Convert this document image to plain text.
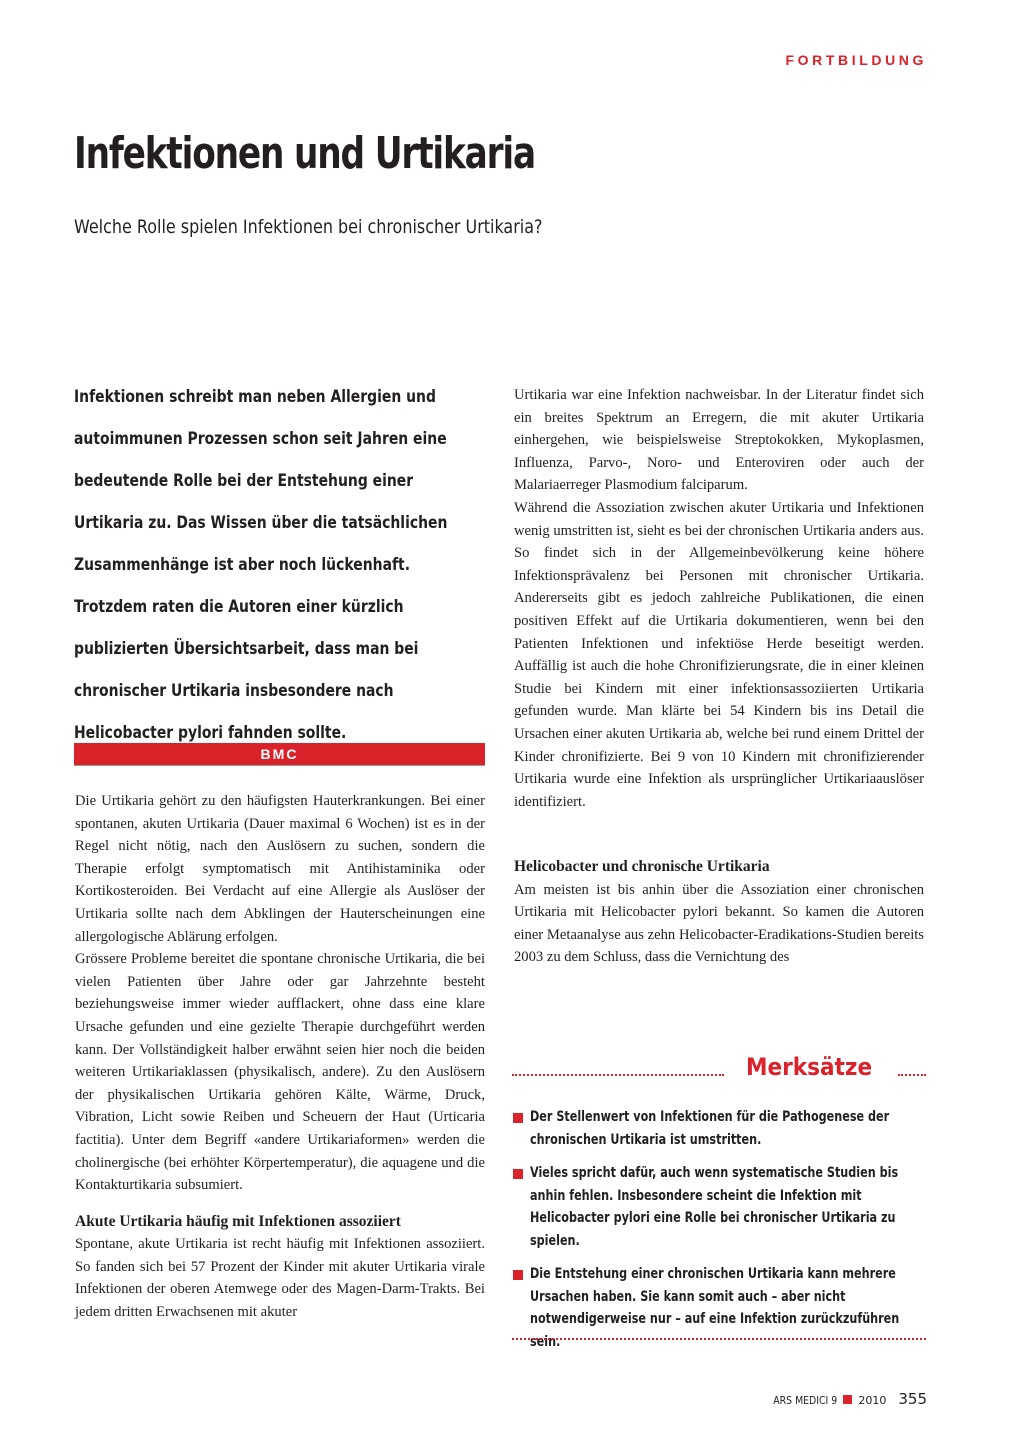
FORTBILDUNG
Infektionen und Urtikaria
Welche Rolle spielen Infektionen bei chronischer Urtikaria?

Infektionen schreibt man neben Allergien und autoimmunen Prozessen schon seit Jahren eine bedeutende Rolle bei der Entstehung einer Urtikaria zu. Das Wissen über die tatsächlichen Zusammenhänge ist aber noch lückenhaft. Trotzdem raten die Autoren einer kürzlich publizierten Übersichtsarbeit, dass man bei chronischer Urtikaria insbesondere nach Helicobacter pylori fahnden sollte.

BMC

Die Urtikaria gehört zu den häufigsten Hauterkrankungen. Bei einer spontanen, akuten Urtikaria (Dauer maximal 6 Wochen) ist es in der Regel nicht nötig, nach den Auslösern zu suchen, sondern die Therapie erfolgt symptomatisch mit Antihistaminika oder Kortikosteroiden. Bei Verdacht auf eine Allergie als Auslöser der Urtikaria sollte nach dem Abklingen der Hauterscheinungen eine allergologische Ablärung erfolgen.

Grössere Probleme bereitet die spontane chronische Urtikaria, die bei vielen Patienten über Jahre oder gar Jahrzehnte besteht beziehungsweise immer wieder aufflackert, ohne dass eine klare Ursache gefunden und eine gezielte Therapie durchgeführt werden kann. Der Vollständigkeit halber erwähnt seien hier noch die beiden weiteren Urtikariaklassen (physikalisch, andere). Zu den Auslösern der physikalischen Urtikaria gehören Kälte, Wärme, Druck, Vibration, Licht sowie Reiben und Scheuern der Haut (Urticaria factitia). Unter dem Begriff «andere Urtikariaformen» werden die cholinergische (bei erhöhter Körpertemperatur), die aquagene und die Kontakturtikaria subsumiert.

Akute Urtikaria häufig mit Infektionen assoziiert

Spontane, akute Urtikaria ist recht häufig mit Infektionen assoziiert. So fanden sich bei 57 Prozent der Kinder mit akuter Urtikaria virale Infektionen der oberen Atemwege oder des Magen-Darm-Trakts. Bei jedem dritten Erwachsenen mit akuter

Urtikaria war eine Infektion nachweisbar. In der Literatur findet sich ein breites Spektrum an Erregern, die mit akuter Urtikaria einhergehen, wie beispielsweise Streptokokken, Mykoplasmen, Influenza, Parvo-, Noro- und Enteroviren oder auch der Malariaerreger Plasmodium falciparum.

Während die Assoziation zwischen akuter Urtikaria und Infektionen wenig umstritten ist, sieht es bei der chronischen Urtikaria anders aus. So findet sich in der Allgemeinbevölkerung keine höhere Infektionsprävalenz bei Personen mit chronischer Urtikaria. Andererseits gibt es jedoch zahlreiche Publikationen, die einen positiven Effekt auf die Urtikaria dokumentieren, wenn bei den Patienten Infektionen und infektiöse Herde beseitigt werden. Auffällig ist auch die hohe Chronifizierungsrate, die in einer kleinen Studie bei Kindern mit einer infektionsassoziierten Urtikaria gefunden wurde. Man klärte bei 54 Kindern bis ins Detail die Ursachen einer akuten Urtikaria ab, welche bei rund einem Drittel der Kinder chronifizierte. Bei 9 von 10 Kindern mit chronifizierender Urtikaria wurde eine Infektion als ursprünglicher Urtikariaauslöser identifiziert.

Helicobacter und chronische Urtikaria

Am meisten ist bis anhin über die Assoziation einer chronischen Urtikaria mit Helicobacter pylori bekannt. So kamen die Autoren einer Metaanalyse aus zehn Helicobacter-Eradikations-Studien bereits 2003 zu dem Schluss, dass die Vernichtung des

Merksätze
Der Stellenwert von Infektionen für die Pathogenese der chronischen Urtikaria ist umstritten.
Vieles spricht dafür, auch wenn systematische Studien bis anhin fehlen. Insbesondere scheint die Infektion mit Helicobacter pylori eine Rolle bei chronischer Urtikaria zu spielen.
Die Entstehung einer chronischen Urtikaria kann mehrere Ursachen haben. Sie kann somit auch – aber nicht notwendigerweise nur – auf eine Infektion zurückzuführen sein.
ARS MEDICI 9 2010 355
